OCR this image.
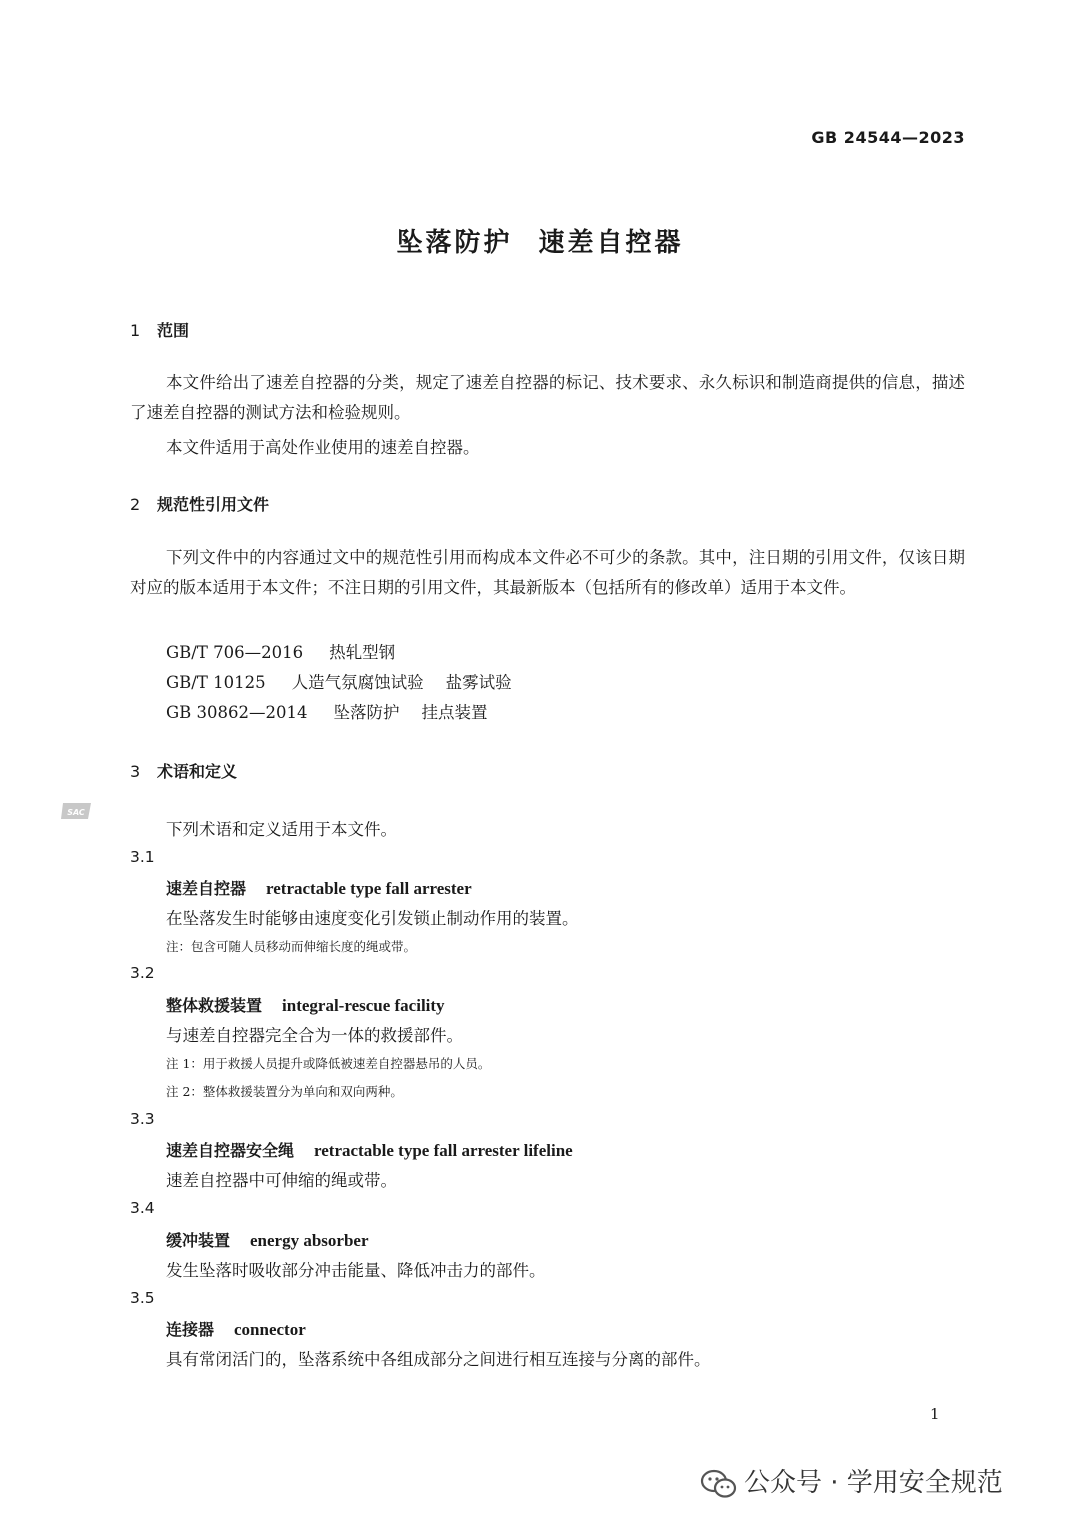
GB 24544—2023
坠落防护 速差自控器
1 范围
本文件给出了速差自控器的分类，规定了速差自控器的标记、技术要求、永久标识和制造商提供的信息，描述了速差自控器的测试方法和检验规则。
本文件适用于高处作业使用的速差自控器。
2 规范性引用文件
下列文件中的内容通过文中的规范性引用而构成本文件必不可少的条款。其中，注日期的引用文件，仅该日期对应的版本适用于本文件；不注日期的引用文件，其最新版本（包括所有的修改单）适用于本文件。
GB/T 706—2016 热轧型钢
GB/T 10125 人造气氛腐蚀试验 盐雾试验
GB 30862—2014 坠落防护 挂点装置
3 术语和定义
SAC
下列术语和定义适用于本文件。
3.1
速差自控器 retractable type fall arrester
在坠落发生时能够由速度变化引发锁止制动作用的装置。
注：包含可随人员移动而伸缩长度的绳或带。
3.2
整体救援装置 integral-rescue facility
与速差自控器完全合为一体的救援部件。
注 1：用于救援人员提升或降低被速差自控器悬吊的人员。
注 2：整体救援装置分为单向和双向两种。
3.3
速差自控器安全绳 retractable type fall arrester lifeline
速差自控器中可伸缩的绳或带。
3.4
缓冲装置 energy absorber
发生坠落时吸收部分冲击能量、降低冲击力的部件。
3.5
连接器 connector
具有常闭活门的，坠落系统中各组成部分之间进行相互连接与分离的部件。
1
公众号 · 学用安全规范
